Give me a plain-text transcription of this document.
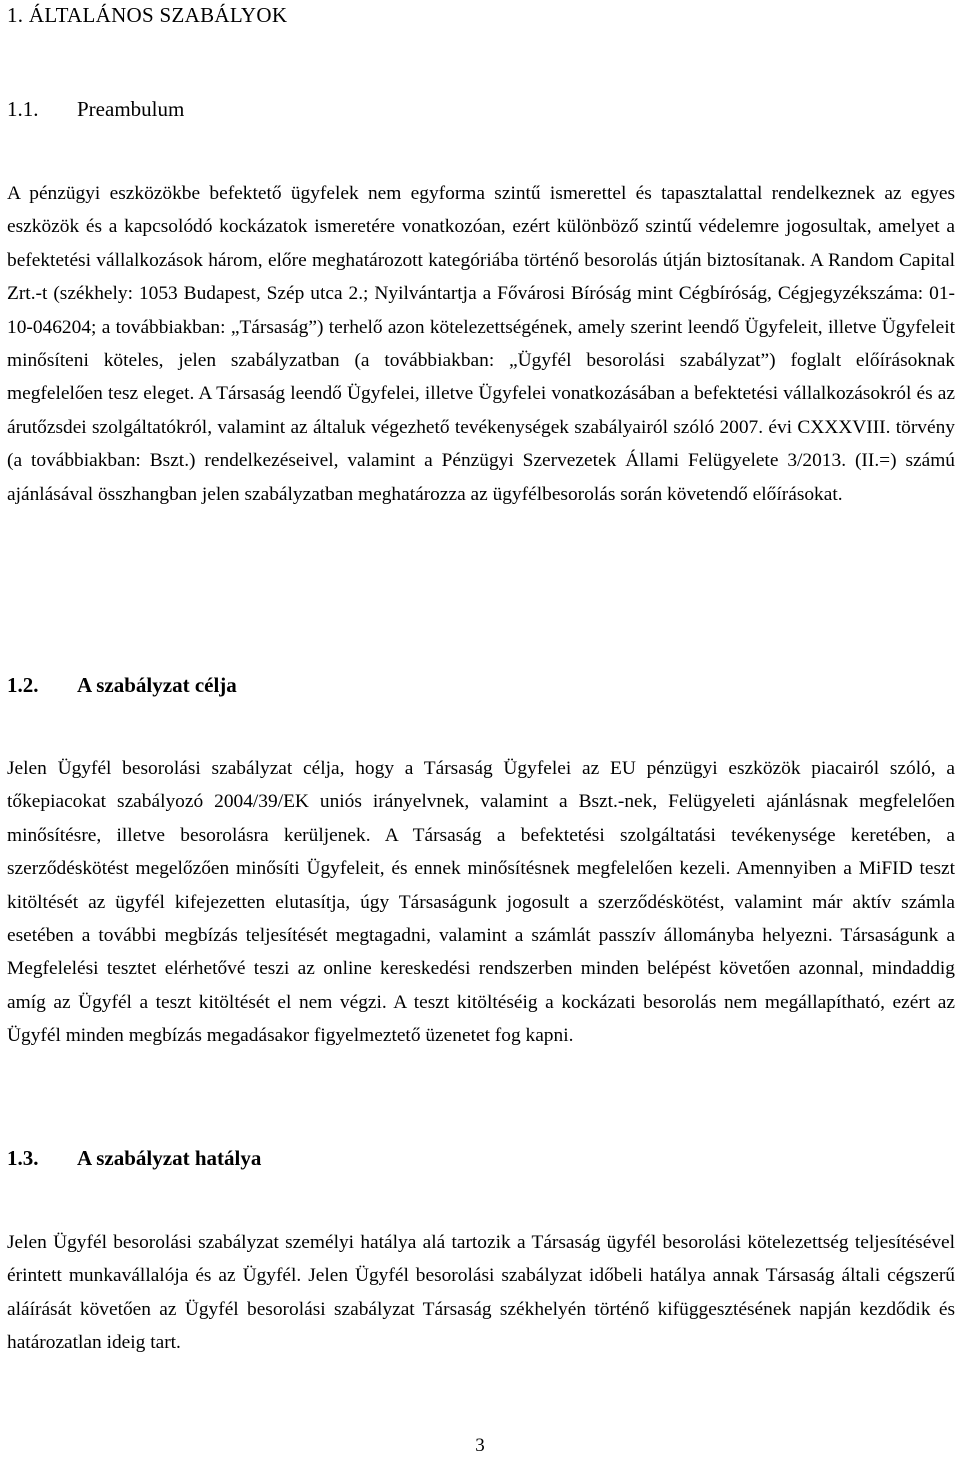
1. ÁLTALÁNOS SZABÁLYOK
1.1.	Preambulum

A pénzügyi eszközökbe befektető ügyfelek nem egyforma szintű ismerettel és tapasztalattal rendelkeznek az egyes eszközök és a kapcsolódó kockázatok ismeretére vonatkozóan, ezért különböző szintű védelemre jogosultak, amelyet a befektetési vállalkozások három, előre meghatározott kategóriába történő besorolás útján biztosítanak. A Random Capital Zrt.-t (székhely: 1053 Budapest, Szép utca 2.; Nyilvántartja a Fővárosi Bíróság mint Cégbíróság, Cégjegyzékszáma: 01-10-046204; a továbbiakban: „Társaság”) terhelő azon kötelezettségének, amely szerint leendő Ügyfeleit, illetve Ügyfeleit minősíteni köteles, jelen szabályzatban (a továbbiakban: „Ügyfél besorolási szabályzat”) foglalt előírásoknak megfelelően tesz eleget. A Társaság leendő Ügyfelei, illetve Ügyfelei vonatkozásában a befektetési vállalkozásokról és az árutőzsdei szolgáltatókról, valamint az általuk végezhető tevékenységek szabályairól szóló 2007. évi CXXXVIII. törvény (a továbbiakban: Bszt.) rendelkezéseivel, valamint a Pénzügyi Szervezetek Állami Felügyelete 3/2013. (II.=) számú ajánlásával összhangban jelen szabályzatban meghatározza az ügyfélbesorolás során követendő előírásokat.

1.2.	A szabályzat célja

Jelen Ügyfél besorolási szabályzat célja, hogy a Társaság Ügyfelei az EU pénzügyi eszközök piacairól szóló, a tőkepiacokat szabályozó 2004/39/EK uniós irányelvnek, valamint a Bszt.-nek, Felügyeleti ajánlásnak megfelelően minősítésre, illetve besorolásra kerüljenek. A Társaság a befektetési szolgáltatási tevékenysége keretében, a szerződéskötést megelőzően minősíti Ügyfeleit, és ennek minősítésnek megfelelően kezeli. Amennyiben a MiFID teszt kitöltését az ügyfél kifejezetten elutasítja, úgy Társaságunk jogosult a szerződéskötést, valamint már aktív számla esetében a további megbízás teljesítését megtagadni, valamint a számlát passzív állományba helyezni. Társaságunk a Megfelelési tesztet elérhetővé teszi az online kereskedési rendszerben minden belépést követően azonnal, mindaddig amíg az Ügyfél a teszt kitöltését el nem végzi. A teszt kitöltéséig a kockázati besorolás nem megállapítható, ezért az Ügyfél minden megbízás megadásakor figyelmeztető üzenetet fog kapni.

1.3.	A szabályzat hatálya

Jelen Ügyfél besorolási szabályzat személyi hatálya alá tartozik a Társaság ügyfél besorolási kötelezettség teljesítésével érintett munkavállalója és az Ügyfél. Jelen Ügyfél besorolási szabályzat időbeli hatálya annak Társaság általi cégszerű aláírását követően az Ügyfél besorolási szabályzat Társaság székhelyén történő kifüggesztésének napján kezdődik és határozatlan ideig tart.

3
